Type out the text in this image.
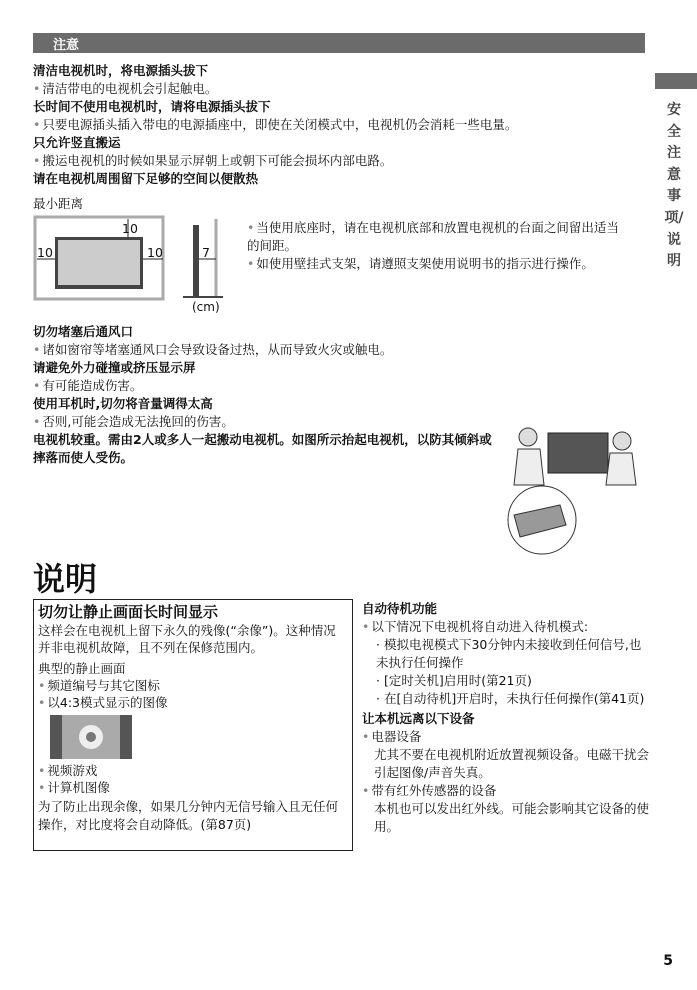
注意
安全注意事项/说明
清洁电视机时，将电源插头拔下
• 清洁带电的电视机会引起触电。
长时间不使用电视机时，请将电源插头拔下
• 只要电源插头插入带电的电源插座中，即使在关闭模式中，电视机仍会消耗一些电量。
只允许竖直搬运
• 搬运电视机的时候如果显示屏朝上或朝下可能会损坏内部电路。
请在电视机周围留下足够的空间以便散热
最小距离
10
10	10	7
(cm)
• 当使用底座时，请在电视机底部和放置电视机的台面之间留出适当的间距。
• 如使用壁挂式支架，请遵照支架使用说明书的指示进行操作。
切勿堵塞后通风口
• 诸如窗帘等堵塞通风口会导致设备过热，从而导致火灾或触电。
请避免外力碰撞或挤压显示屏
• 有可能造成伤害。
使用耳机时,切勿将音量调得太高
• 否则,可能会造成无法挽回的伤害。
电视机较重。需由2人或多人一起搬动电视机。如图所示抬起电视机，以防其倾斜或摔落而使人受伤。
说明
切勿让静止画面长时间显示
这样会在电视机上留下永久的残像(“余像”)。这种情况并非电视机故障，且不列在保修范围内。
典型的静止画面
• 频道编号与其它图标
• 以4:3模式显示的图像
• 视频游戏
• 计算机图像
为了防止出现余像，如果几分钟内无信号输入且无任何操作，对比度将会自动降低。(第87页)
自动待机功能
• 以下情况下电视机将自动进入待机模式:
· 模拟电视模式下30分钟内未接收到任何信号,也未执行任何操作
· [定时关机]启用时(第21页)
· 在[自动待机]开启时，未执行任何操作(第41页)
让本机远离以下设备
• 电器设备
尤其不要在电视机附近放置视频设备。电磁干扰会引起图像/声音失真。
• 带有红外传感器的设备
本机也可以发出红外线。可能会影响其它设备的使用。
5
